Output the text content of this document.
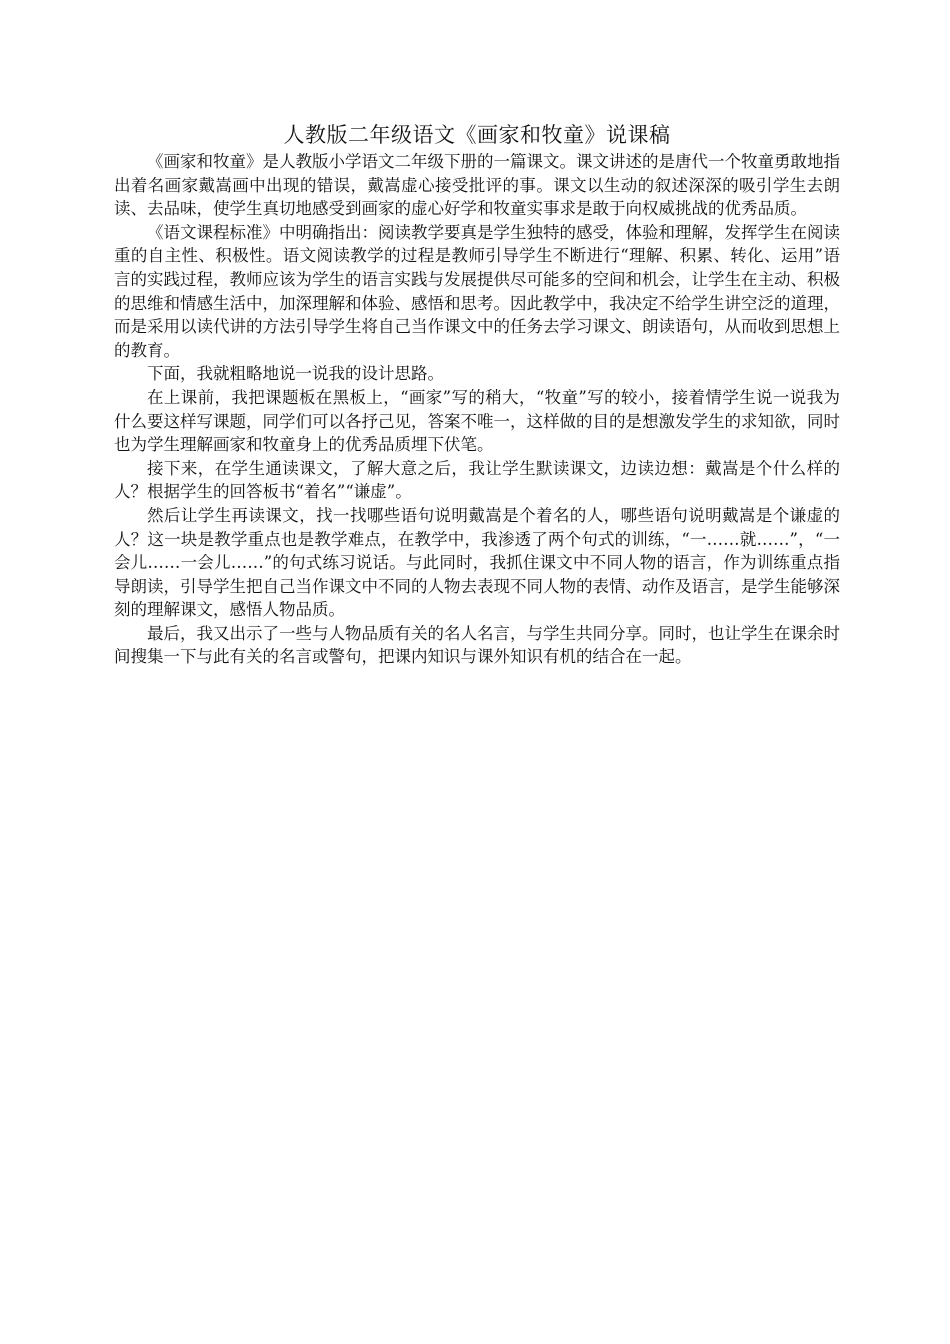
人教版二年级语文《画家和牧童》说课稿

《画家和牧童》是人教版小学语文二年级下册的一篇课文。课文讲述的是唐代一个牧童勇敢地指出着名画家戴嵩画中出现的错误，戴嵩虚心接受批评的事。课文以生动的叙述深深的吸引学生去朗读、去品味，使学生真切地感受到画家的虚心好学和牧童实事求是敢于向权威挑战的优秀品质。

《语文课程标准》中明确指出：阅读教学要真是学生独特的感受，体验和理解，发挥学生在阅读重的自主性、积极性。语文阅读教学的过程是教师引导学生不断进行“理解、积累、转化、运用”语言的实践过程，教师应该为学生的语言实践与发展提供尽可能多的空间和机会，让学生在主动、积极的思维和情感生活中，加深理解和体验、感悟和思考。因此教学中，我决定不给学生讲空泛的道理，而是采用以读代讲的方法引导学生将自己当作课文中的任务去学习课文、朗读语句，从而收到思想上的教育。

下面，我就粗略地说一说我的设计思路。

在上课前，我把课题板在黑板上，“画家”写的稍大，“牧童”写的较小，接着情学生说一说我为什么要这样写课题，同学们可以各抒己见，答案不唯一，这样做的目的是想激发学生的求知欲，同时也为学生理解画家和牧童身上的优秀品质埋下伏笔。

接下来，在学生通读课文，了解大意之后，我让学生默读课文，边读边想：戴嵩是个什么样的人？根据学生的回答板书“着名”“谦虚”。

然后让学生再读课文，找一找哪些语句说明戴嵩是个着名的人，哪些语句说明戴嵩是个谦虚的人？这一块是教学重点也是教学难点，在教学中，我渗透了两个句式的训练，“一……就……”，“一会儿……一会儿……”的句式练习说话。与此同时，我抓住课文中不同人物的语言，作为训练重点指导朗读，引导学生把自己当作课文中不同的人物去表现不同人物的表情、动作及语言，是学生能够深刻的理解课文，感悟人物品质。

最后，我又出示了一些与人物品质有关的名人名言，与学生共同分享。同时，也让学生在课余时间搜集一下与此有关的名言或警句，把课内知识与课外知识有机的结合在一起。
